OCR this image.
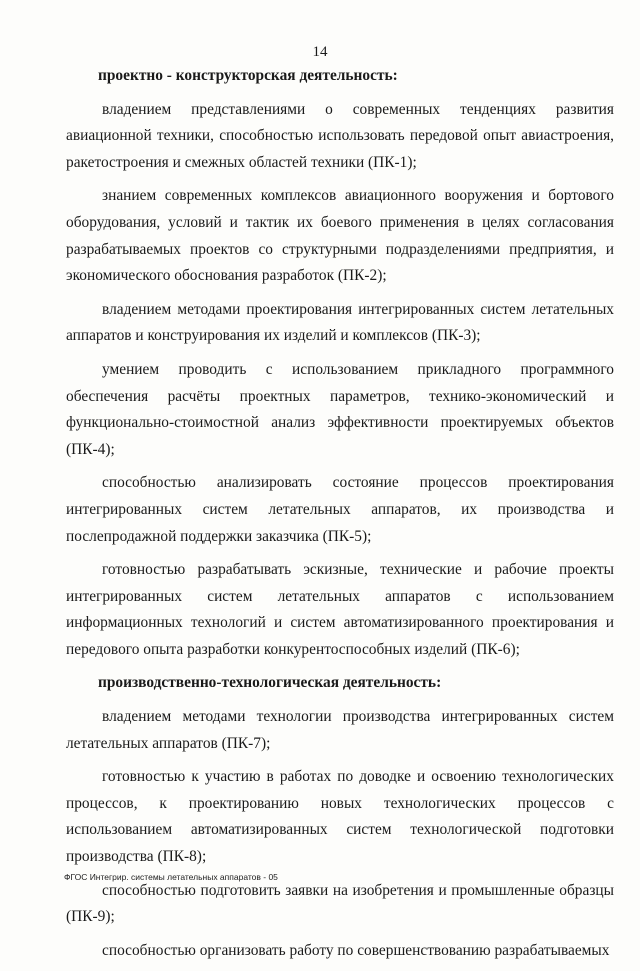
14
проектно - конструкторская деятельность:

владением представлениями о современных тенденциях развития авиационной техники, способностью использовать передовой опыт авиастроения, ракетостроения и смежных областей техники (ПК-1);

знанием современных комплексов авиационного вооружения и бортового оборудования, условий и тактик их боевого применения в целях согласования разрабатываемых проектов со структурными подразделениями предприятия, и экономического обоснования разработок (ПК-2);

владением методами проектирования интегрированных систем летательных аппаратов и конструирования их изделий и комплексов (ПК-3);

умением проводить с использованием прикладного программного обеспечения расчёты проектных параметров, технико-экономический и функционально-стоимостной анализ эффективности проектируемых объектов (ПК-4);

способностью анализировать состояние процессов проектирования интегрированных систем летательных аппаратов, их производства и послепродажной поддержки заказчика (ПК-5);

готовностью разрабатывать эскизные, технические и рабочие проекты интегрированных систем летательных аппаратов с использованием информационных технологий и систем автоматизированного проектирования и передового опыта разработки конкурентоспособных изделий (ПК-6);

производственно-технологическая деятельность:

владением методами технологии производства интегрированных систем летательных аппаратов (ПК-7);

готовностью к участию в работах по доводке и освоению технологических процессов, к проектированию новых технологических процессов с использованием автоматизированных систем технологической подготовки производства (ПК-8);

способностью подготовить заявки на изобретения и промышленные образцы (ПК-9);

способностью организовать работу по совершенствованию разрабатываемых

ФГОС Интегрир. системы летательных аппаратов - 05
